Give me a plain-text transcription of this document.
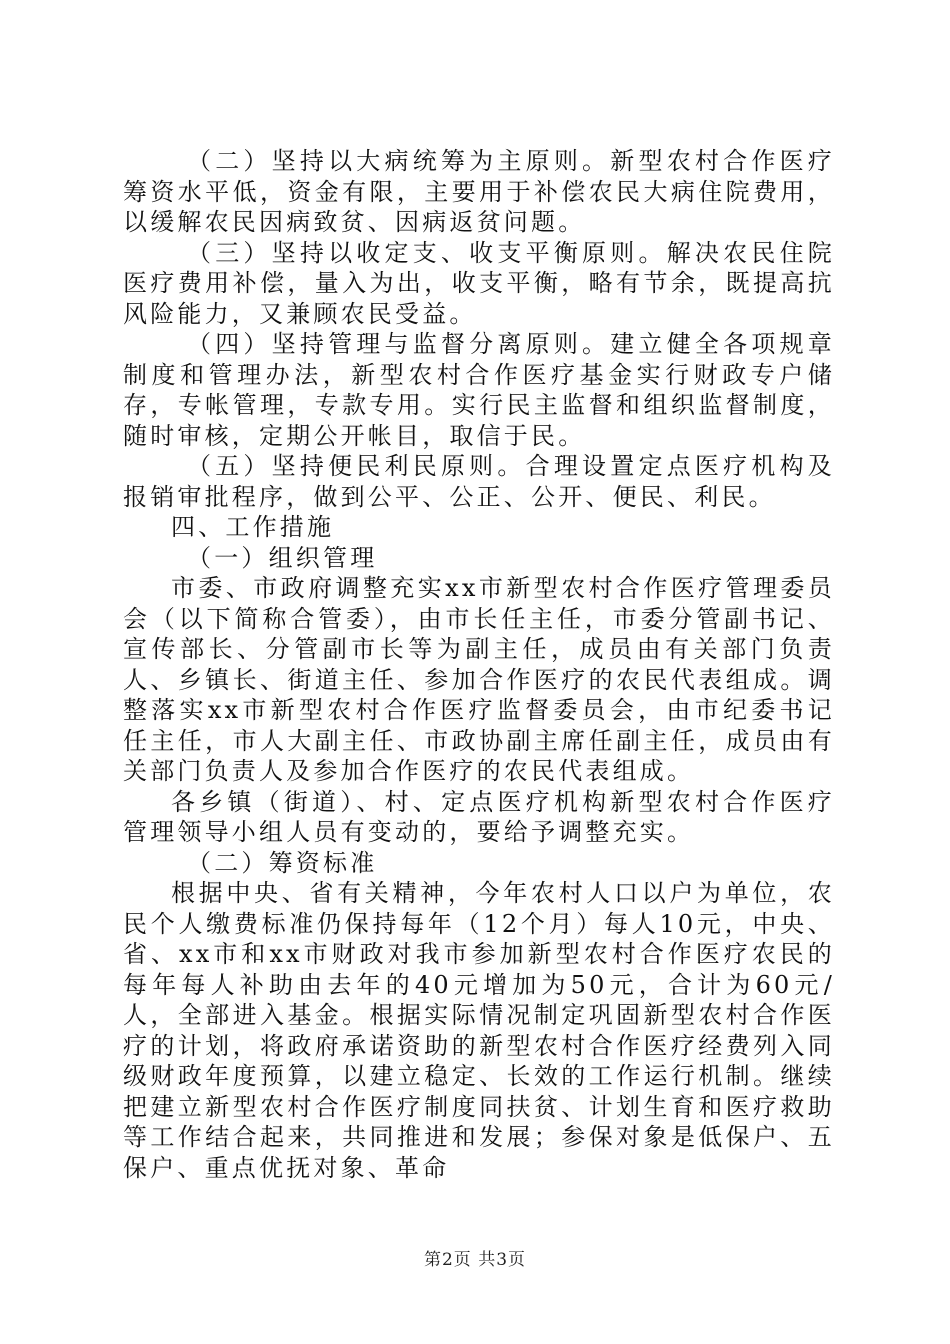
（二）坚持以大病统筹为主原则。新型农村合作医疗筹资水平低，资金有限，主要用于补偿农民大病住院费用，以缓解农民因病致贫、因病返贫问题。

（三）坚持以收定支、收支平衡原则。解决农民住院医疗费用补偿，量入为出，收支平衡，略有节余，既提高抗风险能力，又兼顾农民受益。

（四）坚持管理与监督分离原则。建立健全各项规章制度和管理办法，新型农村合作医疗基金实行财政专户储存，专帐管理，专款专用。实行民主监督和组织监督制度，随时审核，定期公开帐目，取信于民。

（五）坚持便民利民原则。合理设置定点医疗机构及报销审批程序，做到公平、公正、公开、便民、利民。

四、工作措施

（一）组织管理

市委、市政府调整充实xx市新型农村合作医疗管理委员会（以下简称合管委），由市长任主任，市委分管副书记、宣传部长、分管副市长等为副主任，成员由有关部门负责人、乡镇长、街道主任、参加合作医疗的农民代表组成。调整落实xx市新型农村合作医疗监督委员会，由市纪委书记任主任，市人大副主任、市政协副主席任副主任，成员由有关部门负责人及参加合作医疗的农民代表组成。

各乡镇（街道）、村、定点医疗机构新型农村合作医疗管理领导小组人员有变动的，要给予调整充实。

（二）筹资标准

根据中央、省有关精神，今年农村人口以户为单位，农民个人缴费标准仍保持每年（12个月）每人10元，中央、省、xx市和xx市财政对我市参加新型农村合作医疗农民的每年每人补助由去年的40元增加为50元，合计为60元/人，全部进入基金。根据实际情况制定巩固新型农村合作医疗的计划，将政府承诺资助的新型农村合作医疗经费列入同级财政年度预算，以建立稳定、长效的工作运行机制。继续把建立新型农村合作医疗制度同扶贫、计划生育和医疗救助等工作结合起来，共同推进和发展；参保对象是低保户、五保户、重点优抚对象、革命

第2页 共3页
